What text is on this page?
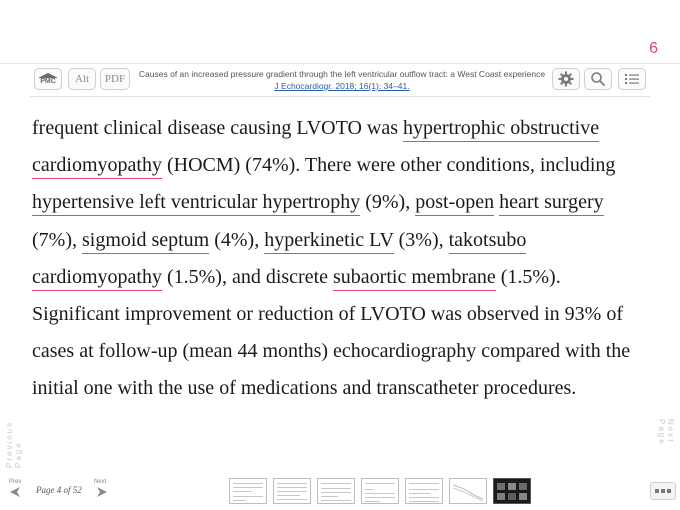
6
PMC	Alt	PDF	Causes of an increased pressure gradient through the left ventricular outflow tract: a West Coast experience
J Echocardiogr. 2018; 16(1): 34–41.
frequent clinical disease causing LVOTO was hypertrophic obstructive
cardiomyopathy (HOCM) (74%). There were other conditions, including hypertensive left ventricular hypertrophy (9%), post-open heart surgery (7%), sigmoid septum (4%), hyperkinetic LV (3%), takotsubo cardiomyopathy (1.5%), and discrete subaortic membrane (1.5%). Significant improvement or reduction of LVOTO was observed in 93% of cases at follow-up (mean 44 months) echocardiography compared with the initial one with the use of medications and transcatheter procedures.
Previous Page
Next Page
Prev	Next
Page 4 of 52
